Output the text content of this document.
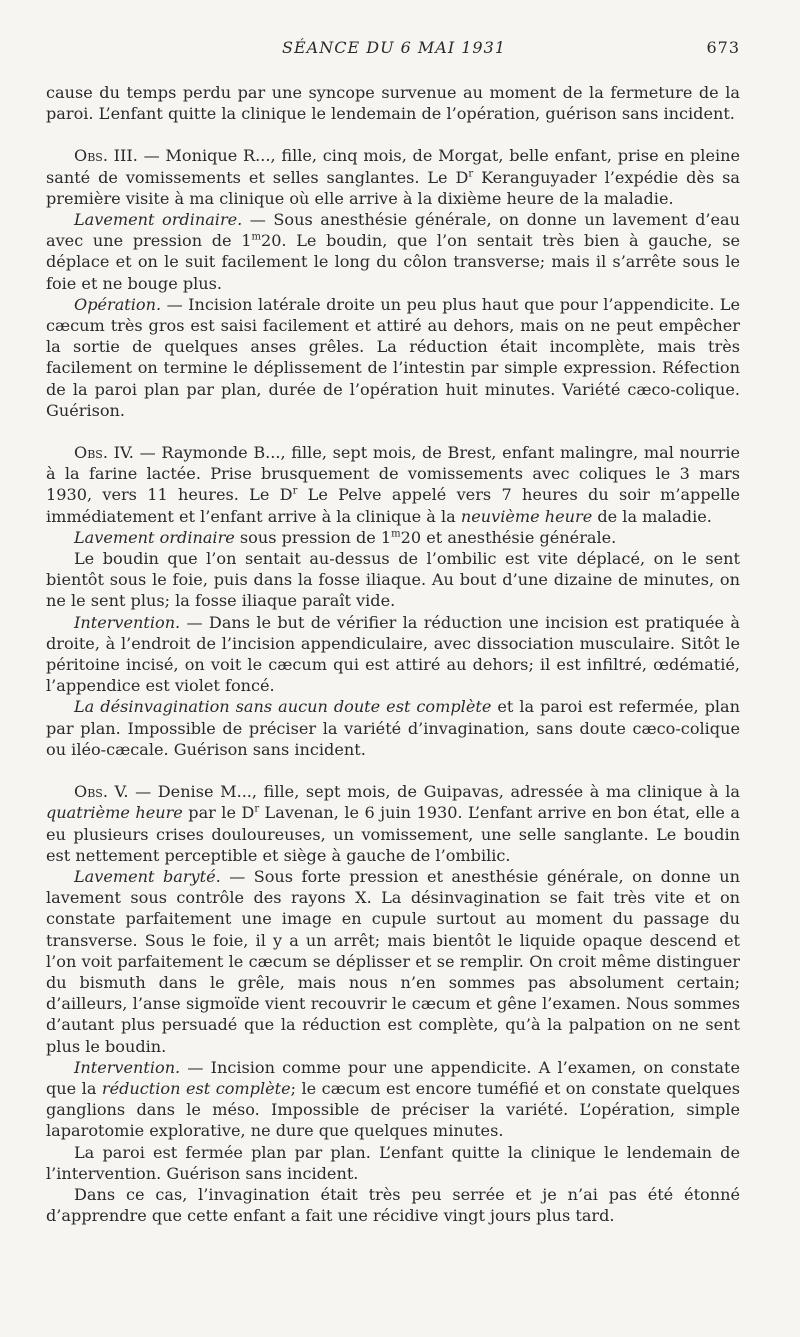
SÉANCE DU 6 MAI 1931	673

cause du temps perdu par une syncope survenue au moment de la fermeture de la paroi. L’enfant quitte la clinique le lendemain de l’opération, guérison sans incident.

Obs. III. — Monique R..., fille, cinq mois, de Morgat, belle enfant, prise en pleine santé de vomissements et selles sanglantes. Le $D^r$ Keranguyader l’expédie dès sa première visite à ma clinique où elle arrive à la dixième heure de la maladie.

Lavement ordinaire. — Sous anesthésie générale, on donne un lavement d’eau avec une pression de 1$^m$20. Le boudin, que l’on sentait très bien à gauche, se déplace et on le suit facilement le long du côlon transverse; mais il s’arrête sous le foie et ne bouge plus.

Opération. — Incision latérale droite un peu plus haut que pour l’appendicite. Le cæcum très gros est saisi facilement et attiré au dehors, mais on ne peut empêcher la sortie de quelques anses grêles. La réduction était incomplète, mais très facilement on termine le déplissement de l’intestin par simple expression. Réfection de la paroi plan par plan, durée de l’opération huit minutes. Variété cæco-colique. Guérison.

Obs. IV. — Raymonde B..., fille, sept mois, de Brest, enfant malingre, mal nourrie à la farine lactée. Prise brusquement de vomissements avec coliques le 3 mars 1930, vers 11 heures. Le $D^r$ Le Pelve appelé vers 7 heures du soir m’appelle immédiatement et l’enfant arrive à la clinique à la neuvième heure de la maladie.

Lavement ordinaire sous pression de 1$^m$20 et anesthésie générale.

Le boudin que l’on sentait au-dessus de l’ombilic est vite déplacé, on le sent bientôt sous le foie, puis dans la fosse iliaque. Au bout d’une dizaine de minutes, on ne le sent plus; la fosse iliaque paraît vide.

Intervention. — Dans le but de vérifier la réduction une incision est pratiquée à droite, à l’endroit de l’incision appendiculaire, avec dissociation musculaire. Sitôt le péritoine incisé, on voit le cæcum qui est attiré au dehors; il est infiltré, œdématié, l’appendice est violet foncé.

La désinvagination sans aucun doute est complète et la paroi est refermée, plan par plan. Impossible de préciser la variété d’invagination, sans doute cæco-colique ou iléo-cæcale. Guérison sans incident.

Obs. V. — Denise M..., fille, sept mois, de Guipavas, adressée à ma clinique à la quatrième heure par le $D^r$ Lavenan, le 6 juin 1930. L’enfant arrive en bon état, elle a eu plusieurs crises douloureuses, un vomissement, une selle sanglante. Le boudin est nettement perceptible et siège à gauche de l’ombilic.

Lavement baryté. — Sous forte pression et anesthésie générale, on donne un lavement sous contrôle des rayons X. La désinvagination se fait très vite et on constate parfaitement une image en cupule surtout au moment du passage du transverse. Sous le foie, il y a un arrêt; mais bientôt le liquide opaque descend et l’on voit parfaitement le cæcum se déplisser et se remplir. On croit même distinguer du bismuth dans le grêle, mais nous n’en sommes pas absolument certain; d’ailleurs, l’anse sigmoïde vient recouvrir le cæcum et gêne l’examen. Nous sommes d’autant plus persuadé que la réduction est complète, qu’à la palpation on ne sent plus le boudin.

Intervention. — Incision comme pour une appendicite. A l’examen, on constate que la réduction est complète; le cæcum est encore tuméfié et on constate quelques ganglions dans le méso. Impossible de préciser la variété. L’opération, simple laparotomie explorative, ne dure que quelques minutes.

La paroi est fermée plan par plan. L’enfant quitte la clinique le lendemain de l’intervention. Guérison sans incident.

Dans ce cas, l’invagination était très peu serrée et je n’ai pas été étonné d’apprendre que cette enfant a fait une récidive vingt jours plus tard.
